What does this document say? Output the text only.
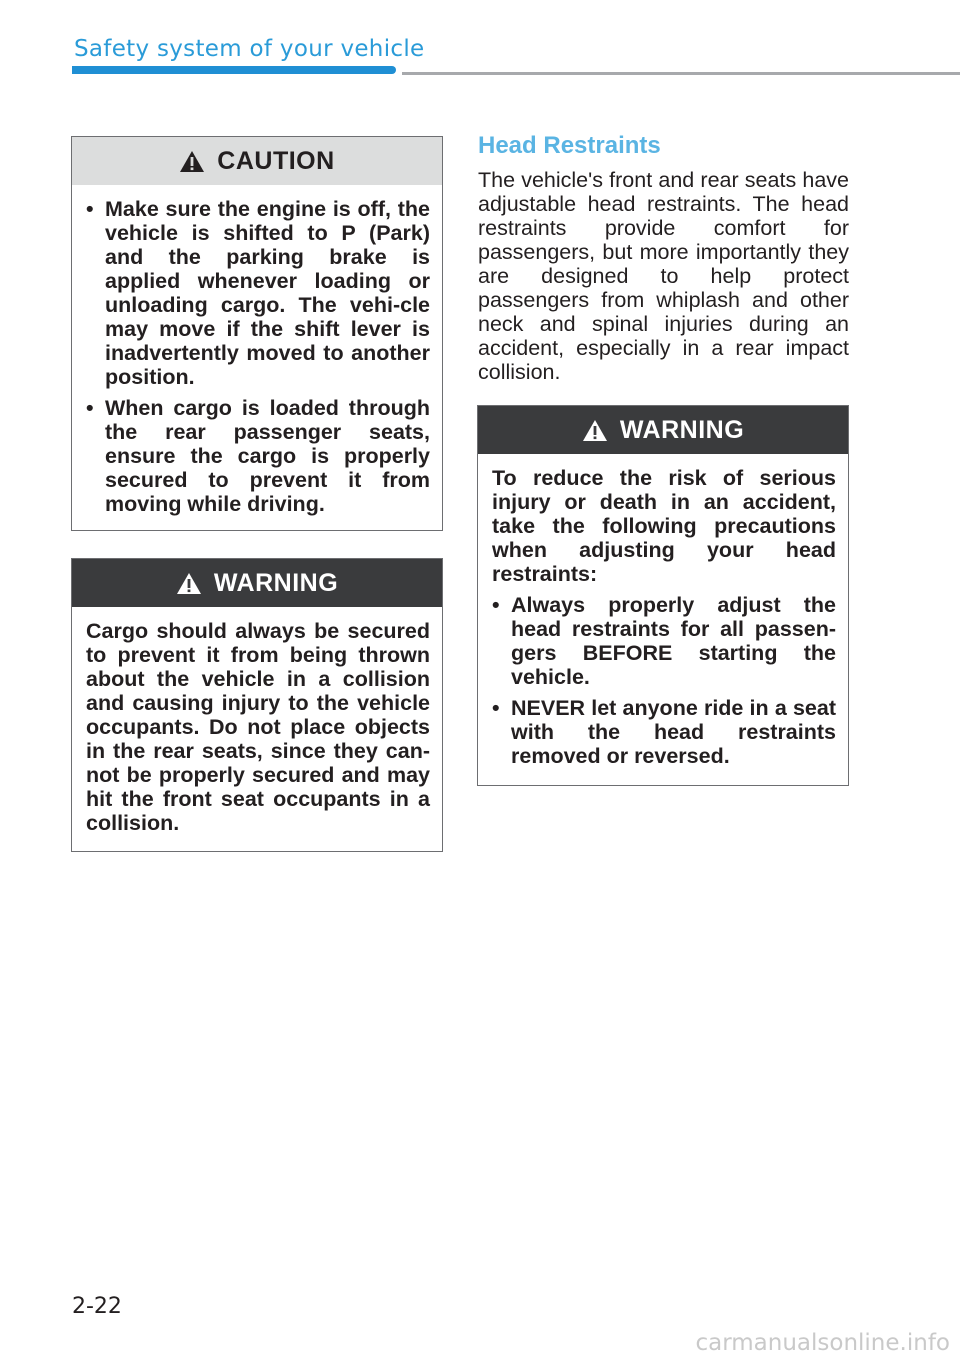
Safety system of your vehicle
CAUTION
• Make sure the engine is off, the vehicle is shifted to P (Park) and the parking brake is applied whenever loading or unloading cargo. The vehi-cle may move if the shift lever is inadvertently moved to another position.
• When cargo is loaded through the rear passenger seats, ensure the cargo is properly secured to prevent it from moving while driving.
WARNING

Cargo should always be secured to prevent it from being thrown about the vehicle in a collision and causing injury to the vehicle occupants. Do not place objects in the rear seats, since they can-not be properly secured and may hit the front seat occupants in a collision.

Head Restraints

The vehicle's front and rear seats have adjustable head restraints. The head restraints provide comfort for passengers, but more importantly they are designed to help protect passengers from whiplash and other neck and spinal injuries during an accident, especially in a rear impact collision.

WARNING

To reduce the risk of serious injury or death in an accident, take the following precautions when adjusting your head restraints:

• Always properly adjust the head restraints for all passen-gers BEFORE starting the vehicle.
• NEVER let anyone ride in a seat with the head restraints removed or reversed.
2-22
carmanualsonline.info
